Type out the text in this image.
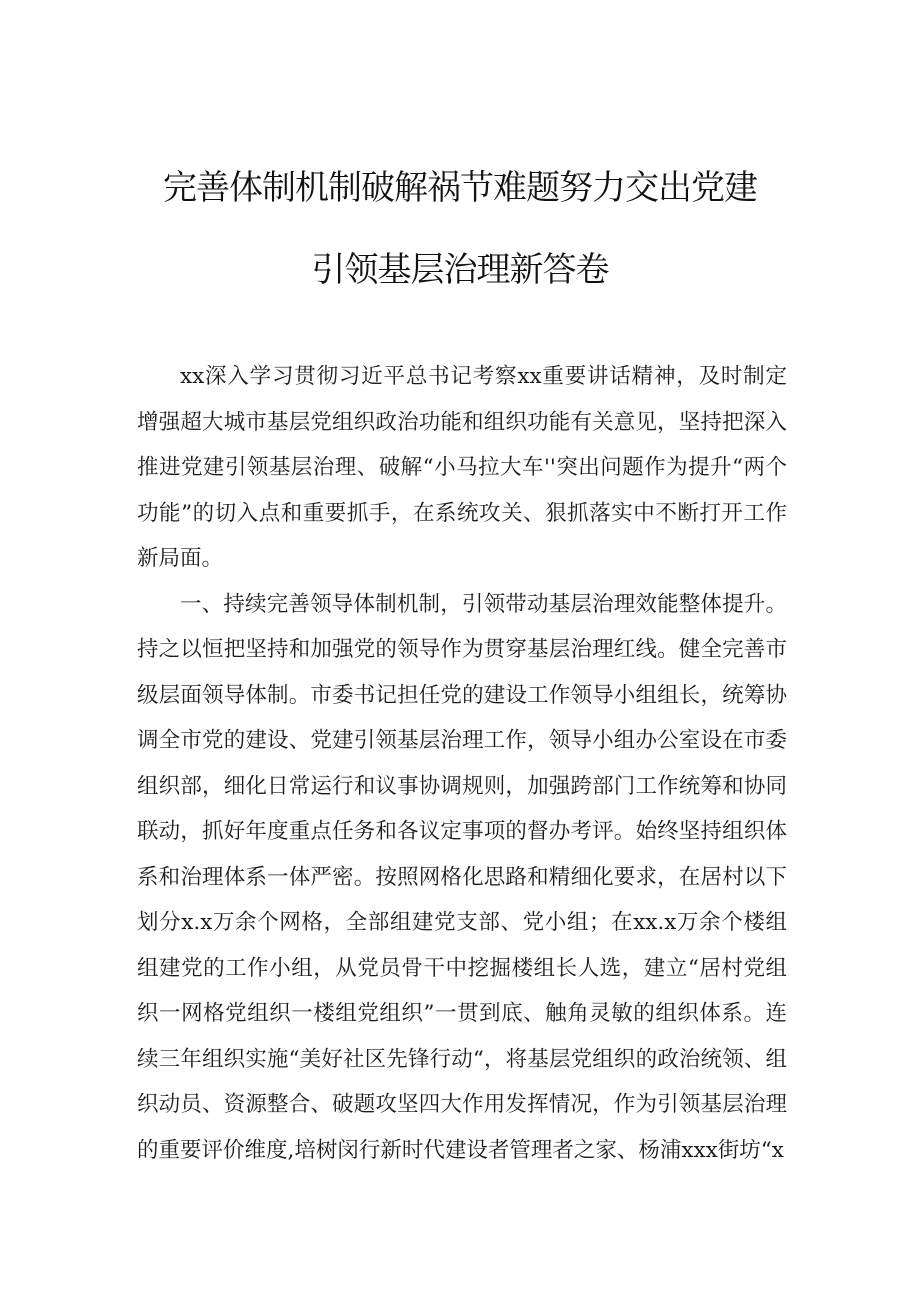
完善体制机制破解祸节难题努力交出党建
引领基层治理新答卷

xx深入学习贯彻习近平总书记考察xx重要讲话精神，及时制定增强超大城市基层党组织政治功能和组织功能有关意见，坚持把深入推进党建引领基层治理、破解“小马拉大车''突出问题作为提升“两个功能”的切入点和重要抓手，在系统攻关、狠抓落实中不断打开工作新局面。

一、持续完善领导体制机制，引领带动基层治理效能整体提升。持之以恒把坚持和加强党的领导作为贯穿基层治理红线。健全完善市级层面领导体制。市委书记担任党的建设工作领导小组组长，统筹协调全市党的建设、党建引领基层治理工作，领导小组办公室设在市委组织部，细化日常运行和议事协调规则，加强跨部门工作统筹和协同联动，抓好年度重点任务和各议定事项的督办考评。始终坚持组织体系和治理体系一体严密。按照网格化思路和精细化要求，在居村以下划分x.x万余个网格，全部组建党支部、党小组；在xx.x万余个楼组组建党的工作小组，从党员骨干中挖掘楼组长人选，建立“居村党组织一网格党组织一楼组党组织”一贯到底、触角灵敏的组织体系。连续三年组织实施“美好社区先锋行动“，将基层党组织的政治统领、组织动员、资源整合、破题攻坚四大作用发挥情况，作为引领基层治理的重要评价维度,培树闵行新时代建设者管理者之家、杨浦xxx街坊“x
